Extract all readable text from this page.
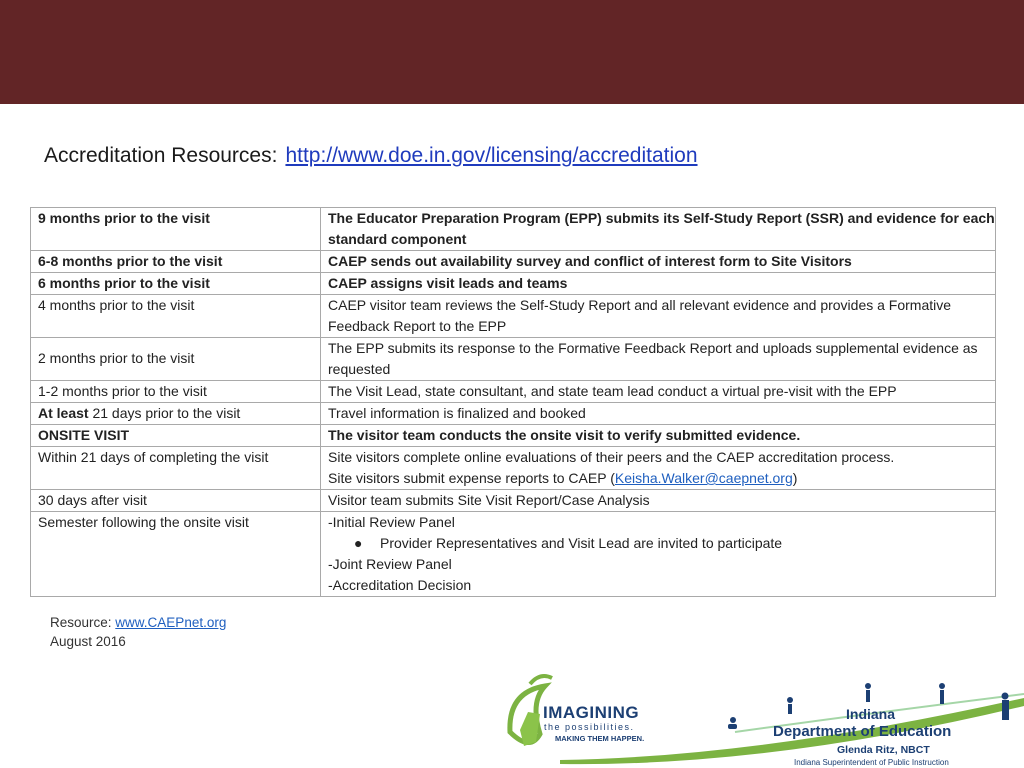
Accreditation Resources: http://www.doe.in.gov/licensing/accreditation
9 months prior to the visit	The Educator Preparation Program (EPP) submits its Self-Study Report (SSR) and evidence for each standard component
6-8 months prior to the visit	CAEP sends out availability survey and conflict of interest form to Site Visitors
6 months prior to the visit	CAEP assigns visit leads and teams
4 months prior to the visit	CAEP visitor team reviews the Self-Study Report and all relevant evidence and provides a Formative Feedback Report to the EPP
2 months prior to the visit	The EPP submits its response to the Formative Feedback Report and uploads supplemental evidence as requested
1-2 months prior to the visit	The Visit Lead, state consultant, and state team lead conduct a virtual pre-visit with the EPP
At least 21 days prior to the visit	Travel information is finalized and booked
ONSITE VISIT	The visitor team conducts the onsite visit to verify submitted evidence.
Within 21 days of completing the visit	Site visitors complete online evaluations of their peers and the CAEP accreditation process.
Site visitors submit expense reports to CAEP (Keisha.Walker@caepnet.org)

30 days after visit	Visitor team submits Site Visit Report/Case Analysis
Semester following the onsite visit	-Initial Review Panel
● Provider Representatives and Visit Lead are invited to participate
-Joint Review Panel
-Accreditation Decision
Resource: www.CAEPnet.org
August 2016
IMAGINING
the possibilities.
MAKING THEM HAPPEN.
Indiana
Department of Education
Glenda Ritz, NBCT
Indiana Superintendent of Public Instruction
